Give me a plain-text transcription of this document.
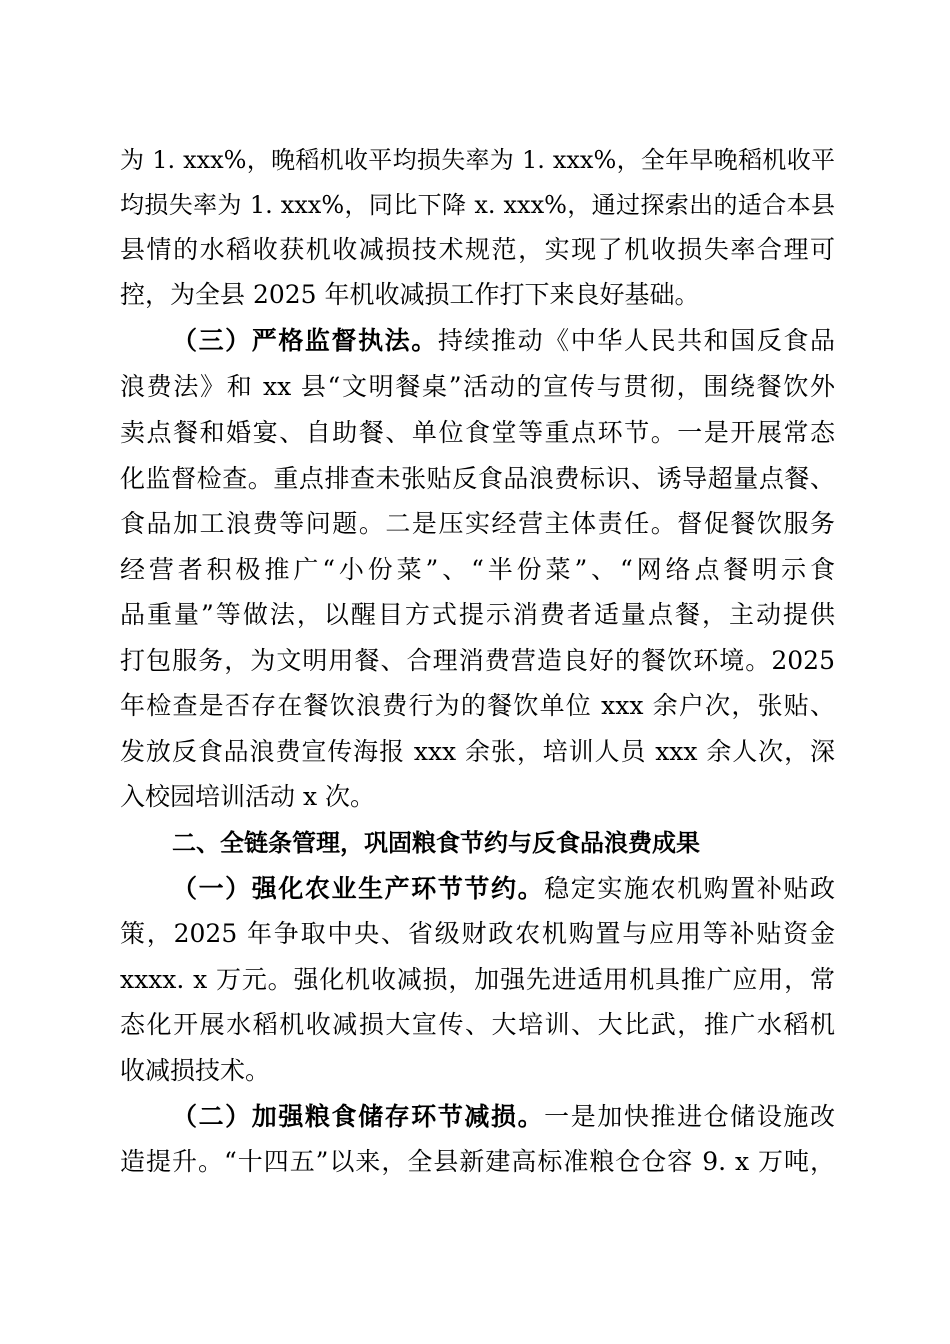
为 1. xxx%，晚稻机收平均损失率为 1. xxx%，全年早晚稻机收平
均损失率为 1. xxx%，同比下降 x. xxx%，通过探索出的适合本县
县情的水稻收获机收减损技术规范，实现了机收损失率合理可
控，为全县 2025 年机收减损工作打下来良好基础。
（三）严格监督执法。持续推动《中华人民共和国反食品
浪费法》和 xx 县“文明餐桌”活动的宣传与贯彻，围绕餐饮外
卖点餐和婚宴、自助餐、单位食堂等重点环节。一是开展常态
化监督检查。重点排查未张贴反食品浪费标识、诱导超量点餐、
食品加工浪费等问题。二是压实经营主体责任。督促餐饮服务
经营者积极推广“小份菜”、“半份菜”、“网络点餐明示食
品重量”等做法，以醒目方式提示消费者适量点餐，主动提供
打包服务，为文明用餐、合理消费营造良好的餐饮环境。2025
年检查是否存在餐饮浪费行为的餐饮单位 xxx 余户次，张贴、
发放反食品浪费宣传海报 xxx 余张，培训人员 xxx 余人次，深
入校园培训活动 x 次。
二、全链条管理，巩固粮食节约与反食品浪费成果
（一）强化农业生产环节节约。稳定实施农机购置补贴政
策，2025 年争取中央、省级财政农机购置与应用等补贴资金
xxxx. x 万元。强化机收减损，加强先进适用机具推广应用，常
态化开展水稻机收减损大宣传、大培训、大比武，推广水稻机
收减损技术。
（二）加强粮食储存环节减损。一是加快推进仓储设施改
造提升。“十四五”以来，全县新建高标准粮仓仓容 9. x 万吨，
